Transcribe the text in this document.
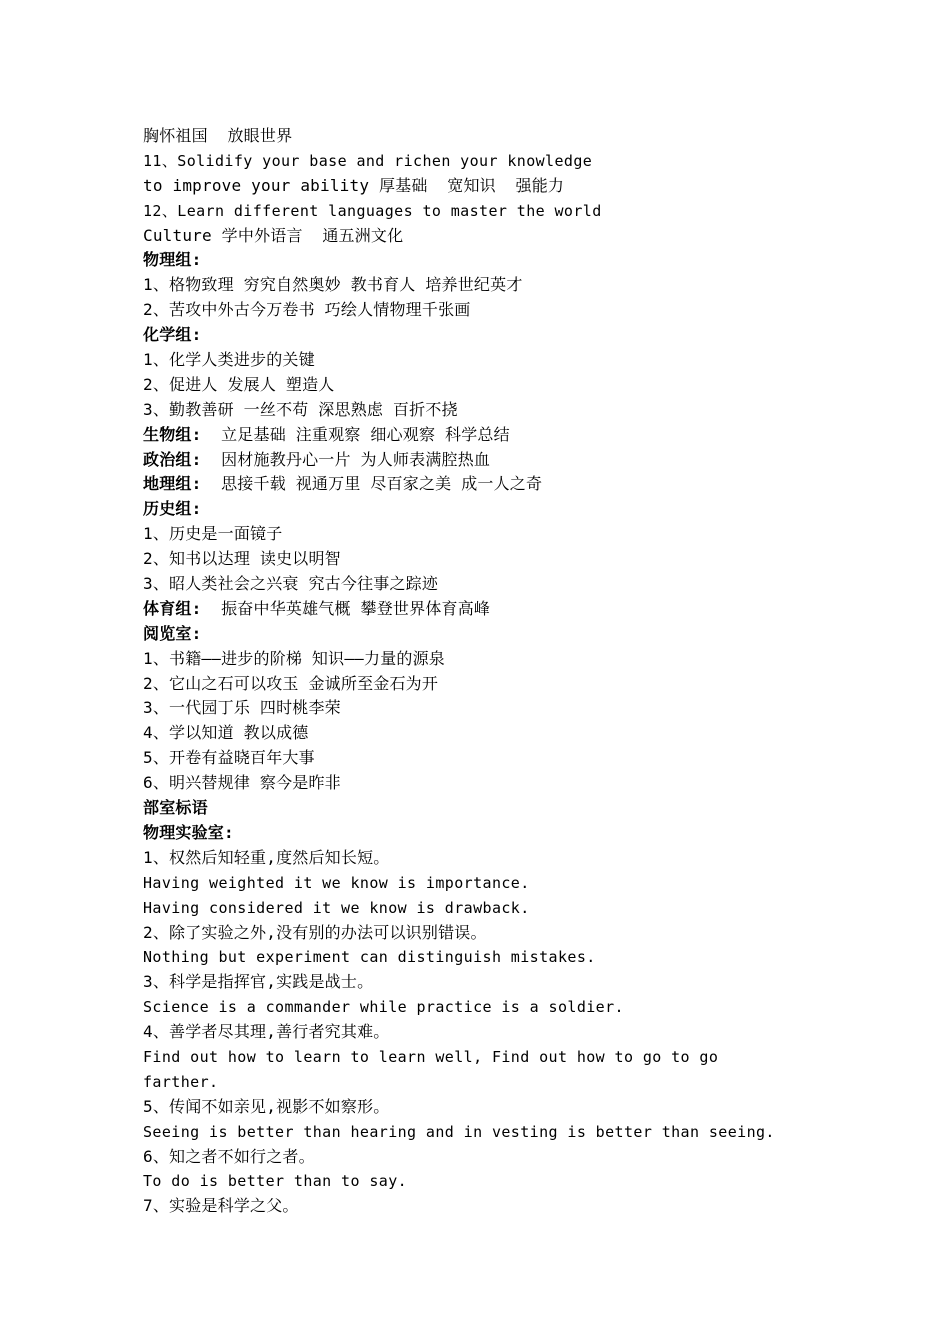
胸怀祖国  放眼世界
11、Solidify your base and richen your knowledge
to improve your ability 厚基础  宽知识  强能力
12、Learn different languages to master the world
Culture 学中外语言  通五洲文化
物理组:
1、格物致理 穷究自然奥妙 教书育人 培养世纪英才
2、苦攻中外古今万卷书 巧绘人情物理千张画
化学组:
1、化学人类进步的关键
2、促进人 发展人 塑造人
3、勤教善研 一丝不苟 深思熟虑 百折不挠
生物组:  立足基础 注重观察 细心观察 科学总结
政治组:  因材施教丹心一片 为人师表满腔热血
地理组:  思接千载 视通万里 尽百家之美 成一人之奇
历史组:
1、历史是一面镜子
2、知书以达理 读史以明智
3、昭人类社会之兴衰 究古今往事之踪迹
体育组:  振奋中华英雄气概 攀登世界体育高峰
阅览室:
1、书籍——进步的阶梯 知识——力量的源泉
2、它山之石可以攻玉 金诚所至金石为开
3、一代园丁乐 四时桃李荣
4、学以知道 教以成德
5、开卷有益晓百年大事
6、明兴替规律 察今是昨非
部室标语
物理实验室:
1、权然后知轻重,度然后知长短。
Having weighted it we know is importance.
Having considered it we know is drawback.
2、除了实验之外,没有别的办法可以识别错误。
Nothing but experiment can distinguish mistakes.
3、科学是指挥官,实践是战士。
Science is a commander while practice is a soldier.
4、善学者尽其理,善行者究其难。
Find out how to learn to learn well, Find out how to go to go
farther.
5、传闻不如亲见,视影不如察形。
Seeing is better than hearing and in vesting is better than seeing.
6、知之者不如行之者。
To do is better than to say.
7、实验是科学之父。
